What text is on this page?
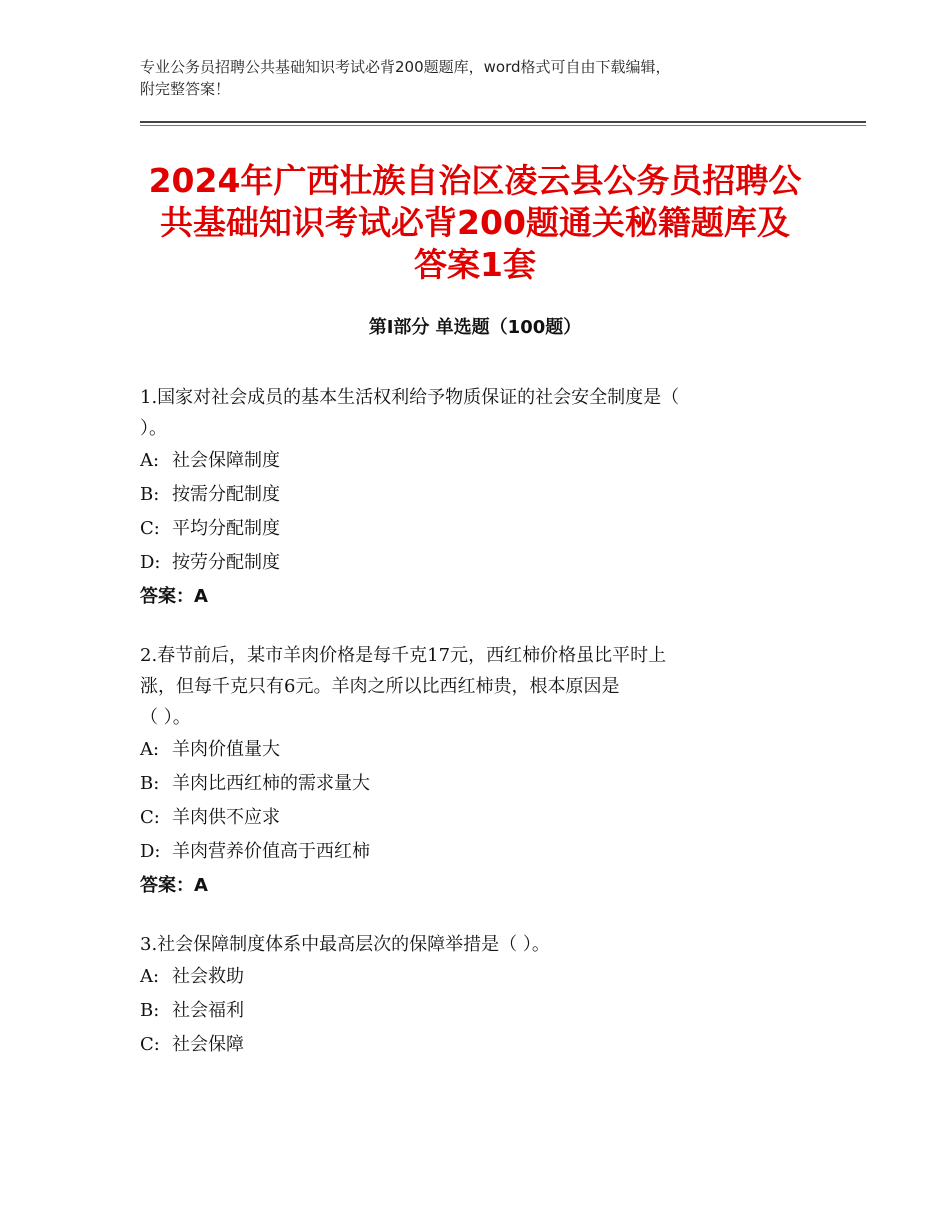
专业公务员招聘公共基础知识考试必背200题题库，word格式可自由下载编辑，
附完整答案！
2024年广西壮族自治区凌云县公务员招聘公
共基础知识考试必背200题通关秘籍题库及
答案1套
第I部分 单选题（100题）

1.国家对社会成员的基本生活权利给予物质保证的社会安全制度是（

）。

A: 社会保障制度

B: 按需分配制度

C: 平均分配制度

D: 按劳分配制度

答案：A

2.春节前后，某市羊肉价格是每千克17元，西红柿价格虽比平时上

涨，但每千克只有6元。羊肉之所以比西红柿贵，根本原因是

（ ）。

A: 羊肉价值量大

B: 羊肉比西红柿的需求量大

C: 羊肉供不应求

D: 羊肉营养价值高于西红柿

答案：A

3.社会保障制度体系中最高层次的保障举措是（ ）。

A: 社会救助

B: 社会福利

C: 社会保障
